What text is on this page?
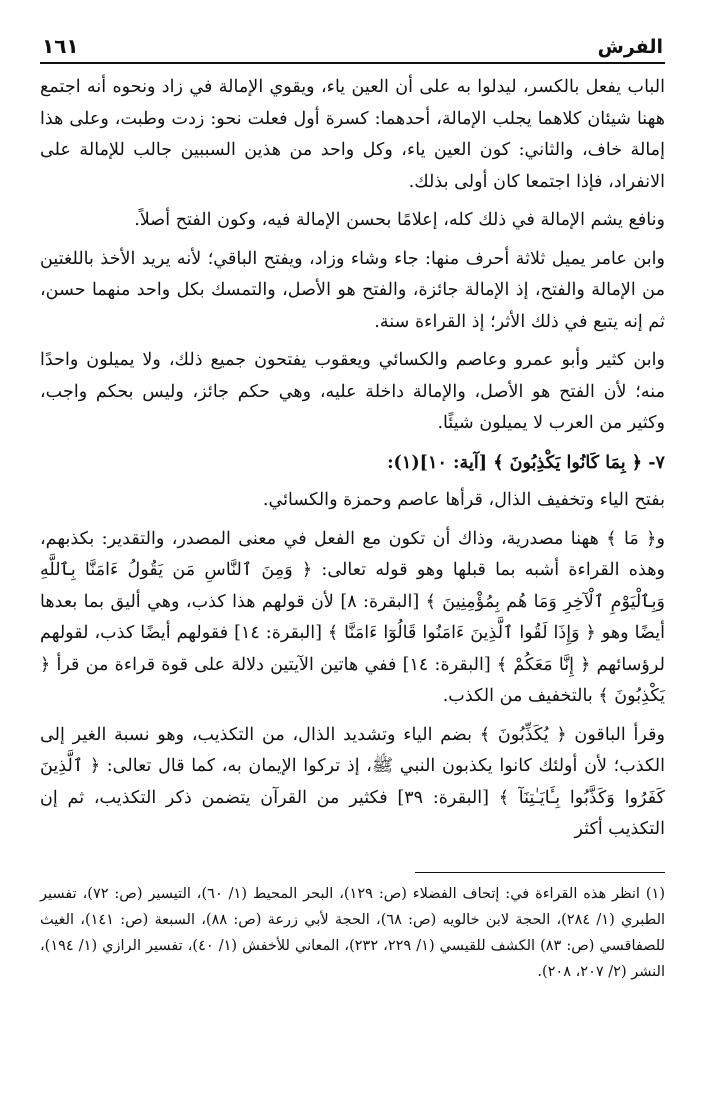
الفرش
١٦١

الباب يفعل بالكسر، ليدلوا به على أن العين ياء، ويقوي الإمالة في زاد ونحوه أنه اجتمع ههنا شيئان كلاهما يجلب الإمالة، أحدهما: كسرة أول فعلت نحو: زدت وطبت، وعلى هذا إمالة خاف، والثاني: كون العين ياء، وكل واحد من هذين السببين جالب للإمالة على الانفراد، فإذا اجتمعا كان أولى بذلك.

ونافع يشم الإمالة في ذلك كله، إعلامًا بحسن الإمالة فيه، وكون الفتح أصلاً.

وابن عامر يميل ثلاثة أحرف منها: جاء وشاء وزاد، ويفتح الباقي؛ لأنه يريد الأخذ باللغتين من الإمالة والفتح، إذ الإمالة جائزة، والفتح هو الأصل، والتمسك بكل واحد منهما حسن، ثم إنه يتبع في ذلك الأثر؛ إذ القراءة سنة.

وابن كثير وأبو عمرو وعاصم والكسائي ويعقوب يفتحون جميع ذلك، ولا يميلون واحدًا منه؛ لأن الفتح هو الأصل، والإمالة داخلة عليه، وهي حكم جائز، وليس بحكم واجب، وكثير من العرب لا يميلون شيئًا.

٧- ﴿ بِمَا كَانُوا يَكْذِبُونَ ﴾ [آية: ١٠](١):

بفتح الياء وتخفيف الذال، قرأها عاصم وحمزة والكسائي.

و﴿ مَا ﴾ ههنا مصدرية، وذاك أن تكون مع الفعل في معنى المصدر، والتقدير: بكذبهم، وهذه القراءة أشبه بما قبلها وهو قوله تعالى: ﴿ وَمِنَ ٱلنَّاسِ مَن يَقُولُ ءَامَنَّا بِٱللَّهِ وَبِٱلْيَوْمِ ٱلْآخِرِ وَمَا هُم بِمُؤْمِنِينَ ﴾ [البقرة: ٨] لأن قولهم هذا كذب، وهي أليق بما بعدها أيضًا وهو ﴿ وَإِذَا لَقُوا ٱلَّذِينَ ءَامَنُوا قَالُوٓا ءَامَنَّا ﴾ [البقرة: ١٤] فقولهم أيضًا كذب، لقولهم لرؤسائهم ﴿ إِنَّا مَعَكُمْ ﴾ [البقرة: ١٤] ففي هاتين الآيتين دلالة على قوة قراءة من قرأ ﴿ يَكْذِبُونَ ﴾ بالتخفيف من الكذب.

وقرأ الباقون ﴿ يُكَذِّبُونَ ﴾ بضم الياء وتشديد الذال، من التكذيب، وهو نسبة الغير إلى الكذب؛ لأن أولئك كانوا يكذبون النبي ﷺ، إذ تركوا الإيمان به، كما قال تعالى: ﴿ ٱلَّذِينَ كَفَرُوا وَكَذَّبُوا بِـَٔايَـٰتِنَآ ﴾ [البقرة: ٣٩] فكثير من القرآن يتضمن ذكر التكذيب، ثم إن التكذيب أكثر

(١) انظر هذه القراءة في: إتحاف الفضلاء (ص: ١٢٩)، البحر المحيط (١/ ٦٠)، التيسير (ص: ٧٢)، تفسير الطبري (١/ ٢٨٤)، الحجة لابن خالويه (ص: ٦٨)، الحجة لأبي زرعة (ص: ٨٨)، السبعة (ص: ١٤١)، الغيث للصفاقسي (ص: ٨٣) الكشف للقيسي (١/ ٢٢٩، ٢٣٢)، المعاني للأخفش (١/ ٤٠)، تفسير الرازي (١/ ١٩٤)، النشر (٢/ ٢٠٧، ٢٠٨).
